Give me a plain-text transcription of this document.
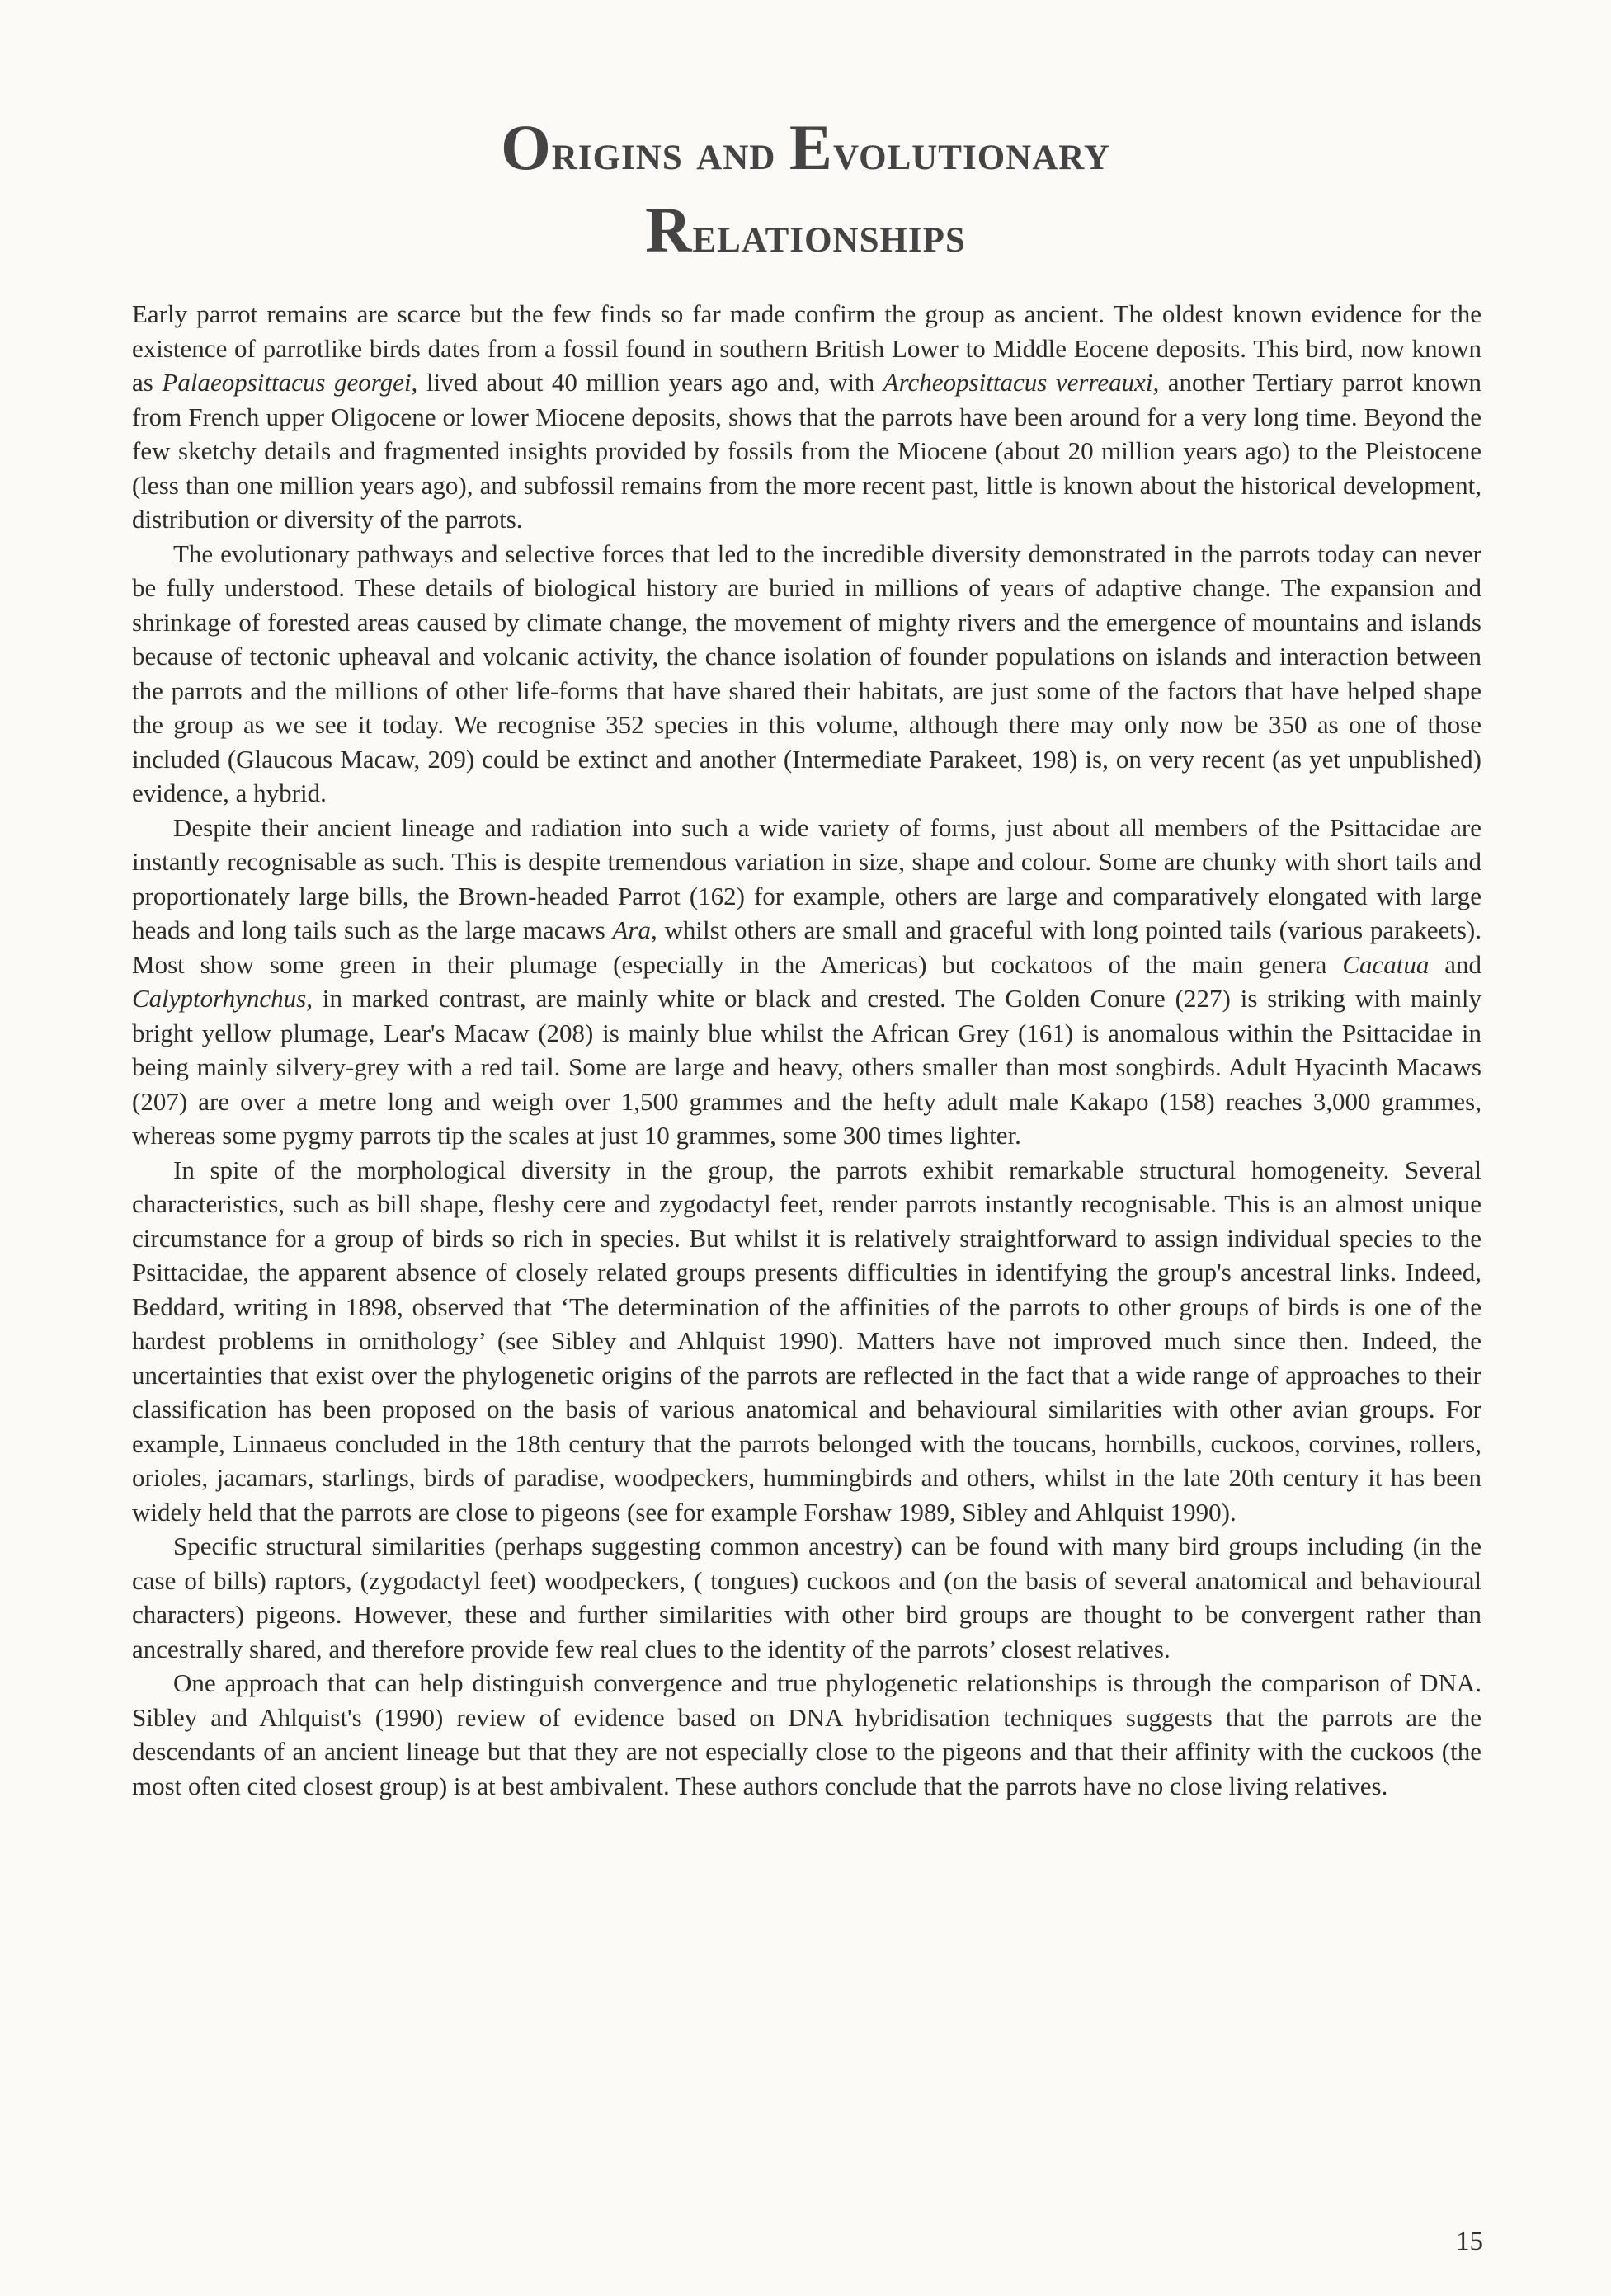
Origins and Evolutionary
Relationships

Early parrot remains are scarce but the few finds so far made confirm the group as ancient. The oldest known evidence for the existence of parrotlike birds dates from a fossil found in southern British Lower to Middle Eocene deposits. This bird, now known as Palaeopsittacus georgei, lived about 40 million years ago and, with Archeopsittacus verreauxi, another Tertiary parrot known from French upper Oligocene or lower Miocene deposits, shows that the parrots have been around for a very long time. Beyond the few sketchy details and fragmented insights provided by fossils from the Miocene (about 20 million years ago) to the Pleistocene (less than one million years ago), and subfossil remains from the more recent past, little is known about the historical development, distribution or diversity of the parrots.

The evolutionary pathways and selective forces that led to the incredible diversity demonstrated in the parrots today can never be fully understood. These details of biological history are buried in millions of years of adaptive change. The expansion and shrinkage of forested areas caused by climate change, the movement of mighty rivers and the emergence of mountains and islands because of tectonic upheaval and volcanic activity, the chance isolation of founder populations on islands and interaction between the parrots and the millions of other life-forms that have shared their habitats, are just some of the factors that have helped shape the group as we see it today. We recognise 352 species in this volume, although there may only now be 350 as one of those included (Glaucous Macaw, 209) could be extinct and another (Intermediate Parakeet, 198) is, on very recent (as yet unpublished) evidence, a hybrid.

Despite their ancient lineage and radiation into such a wide variety of forms, just about all members of the Psittacidae are instantly recognisable as such. This is despite tremendous variation in size, shape and colour. Some are chunky with short tails and proportionately large bills, the Brown-headed Parrot (162) for example, others are large and comparatively elongated with large heads and long tails such as the large macaws Ara, whilst others are small and graceful with long pointed tails (various parakeets). Most show some green in their plumage (especially in the Americas) but cockatoos of the main genera Cacatua and Calyptorhynchus, in marked contrast, are mainly white or black and crested. The Golden Conure (227) is striking with mainly bright yellow plumage, Lear's Macaw (208) is mainly blue whilst the African Grey (161) is anomalous within the Psittacidae in being mainly silvery-grey with a red tail. Some are large and heavy, others smaller than most songbirds. Adult Hyacinth Macaws (207) are over a metre long and weigh over 1,500 grammes and the hefty adult male Kakapo (158) reaches 3,000 grammes, whereas some pygmy parrots tip the scales at just 10 grammes, some 300 times lighter.

In spite of the morphological diversity in the group, the parrots exhibit remarkable structural homogeneity. Several characteristics, such as bill shape, fleshy cere and zygodactyl feet, render parrots instantly recognisable. This is an almost unique circumstance for a group of birds so rich in species. But whilst it is relatively straightforward to assign individual species to the Psittacidae, the apparent absence of closely related groups presents difficulties in identifying the group's ancestral links. Indeed, Beddard, writing in 1898, observed that ‘The determination of the affinities of the parrots to other groups of birds is one of the hardest problems in ornithology’ (see Sibley and Ahlquist 1990). Matters have not improved much since then. Indeed, the uncertainties that exist over the phylogenetic origins of the parrots are reflected in the fact that a wide range of approaches to their classification has been proposed on the basis of various anatomical and behavioural similarities with other avian groups. For example, Linnaeus concluded in the 18th century that the parrots belonged with the toucans, hornbills, cuckoos, corvines, rollers, orioles, jacamars, starlings, birds of paradise, woodpeckers, hummingbirds and others, whilst in the late 20th century it has been widely held that the parrots are close to pigeons (see for example Forshaw 1989, Sibley and Ahlquist 1990).

Specific structural similarities (perhaps suggesting common ancestry) can be found with many bird groups including (in the case of bills) raptors, (zygodactyl feet) woodpeckers, ( tongues) cuckoos and (on the basis of several anatomical and behavioural characters) pigeons. However, these and further similarities with other bird groups are thought to be convergent rather than ancestrally shared, and therefore provide few real clues to the identity of the parrots’ closest relatives.

One approach that can help distinguish convergence and true phylogenetic relationships is through the comparison of DNA. Sibley and Ahlquist's (1990) review of evidence based on DNA hybridisation techniques suggests that the parrots are the descendants of an ancient lineage but that they are not especially close to the pigeons and that their affinity with the cuckoos (the most often cited closest group) is at best ambivalent. These authors conclude that the parrots have no close living relatives.

15
